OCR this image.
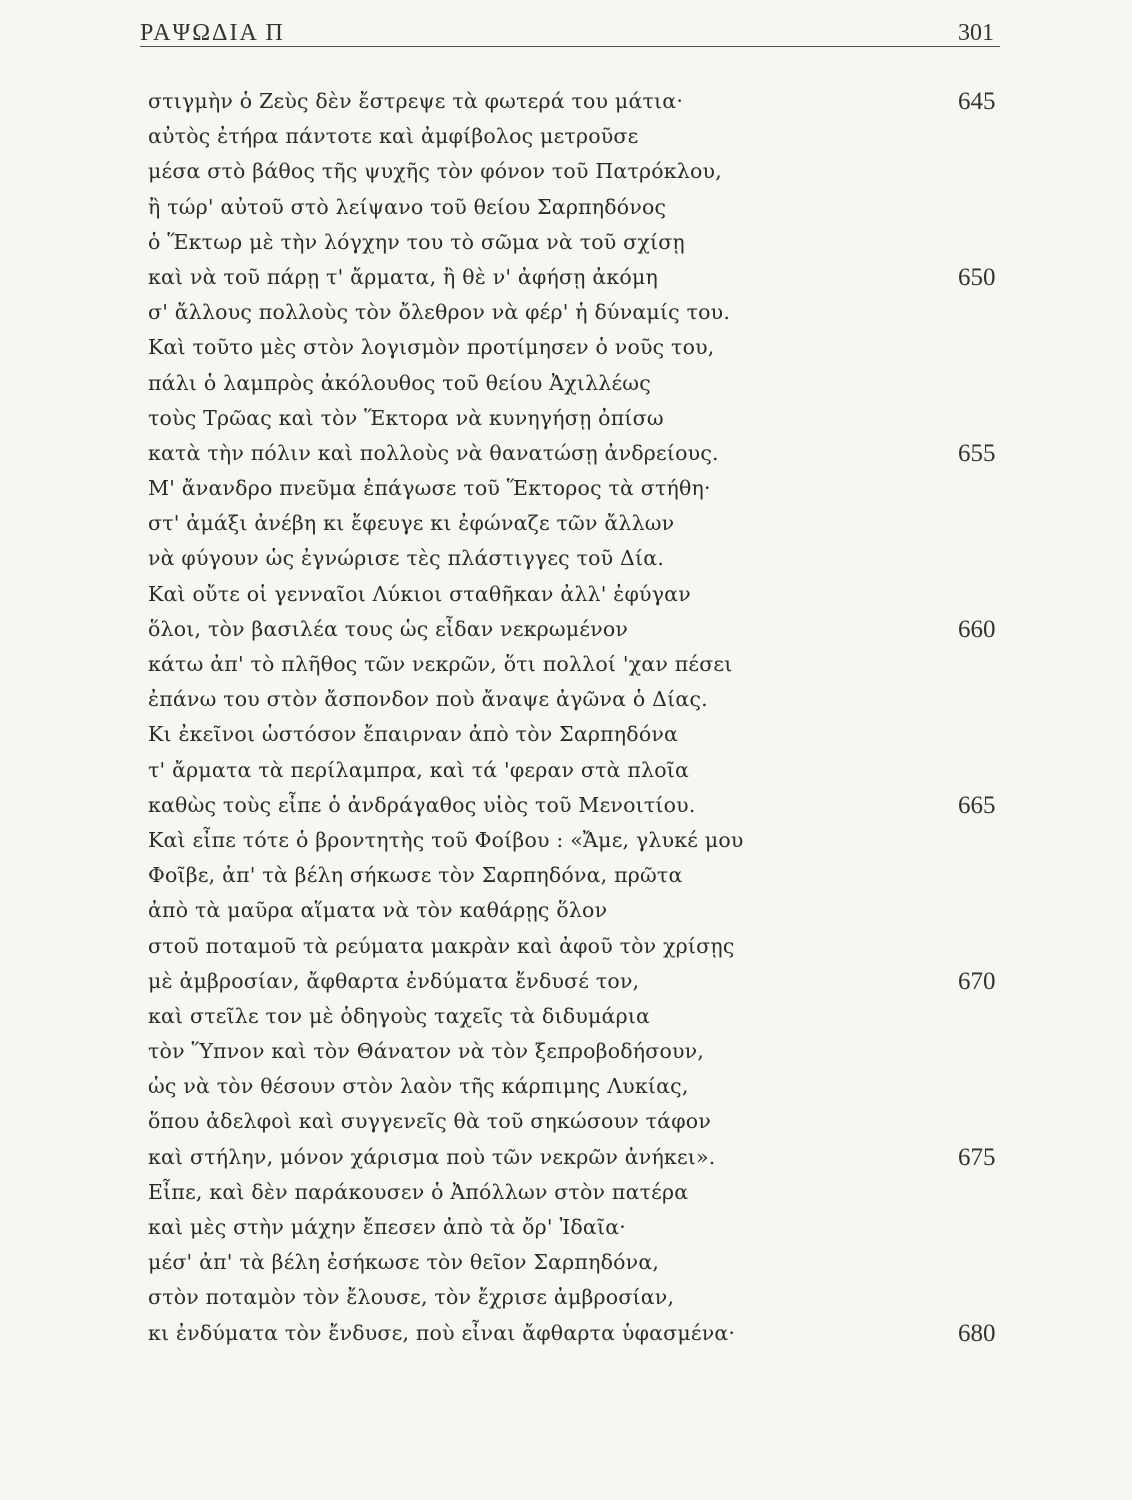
ΡΑΨΩΔΙΑ Π	301
στιγμὴν ὁ Ζεὺς δὲν ἔστρεψε τὰ φωτερά του μάτια·	645
αὐτὸς ἐτήρα πάντοτε καὶ ἀμφίβολος μετροῦσε
μέσα στὸ βάθος τῆς ψυχῆς τὸν φόνον τοῦ Πατρόκλου,
ἢ τώρ' αὐτοῦ στὸ λείψανο τοῦ θείου Σαρπηδόνος
ὁ Ἕκτωρ μὲ τὴν λόγχην του τὸ σῶμα νὰ τοῦ σχίσῃ
καὶ νὰ τοῦ πάρῃ τ' ἄρματα, ἢ θὲ ν' ἀφήσῃ ἀκόμη	650
σ' ἄλλους πολλοὺς τὸν ὄλεθρον νὰ φέρ' ἡ δύναμίς του.
Καὶ τοῦτο μὲς στὸν λογισμὸν προτίμησεν ὁ νοῦς του,
πάλι ὁ λαμπρὸς ἀκόλουθος τοῦ θείου Ἀχιλλέως
τοὺς Τρῶας καὶ τὸν Ἕκτορα νὰ κυνηγήσῃ ὀπίσω
κατὰ τὴν πόλιν καὶ πολλοὺς νὰ θανατώσῃ ἀνδρείους.	655
Μ' ἄνανδρο πνεῦμα ἐπάγωσε τοῦ Ἕκτορος τὰ στήθη·
στ' ἀμάξι ἀνέβη κι ἔφευγε κι ἐφώναζε τῶν ἄλλων
νὰ φύγουν ὡς ἐγνώρισε τὲς πλάστιγγες τοῦ Δία.
Καὶ οὔτε οἱ γενναῖοι Λύκιοι σταθῆκαν ἀλλ' ἐφύγαν
ὅλοι, τὸν βασιλέα τους ὡς εἶδαν νεκρωμένον	660
κάτω ἀπ' τὸ πλῆθος τῶν νεκρῶν, ὅτι πολλοί 'χαν πέσει
ἐπάνω του στὸν ἄσπονδον ποὺ ἄναψε ἀγῶνα ὁ Δίας.
Κι ἐκεῖνοι ὡστόσον ἔπαιρναν ἀπὸ τὸν Σαρπηδόνα
τ' ἄρματα τὰ περίλαμπρα, καὶ τά 'φεραν στὰ πλοῖα
καθὼς τοὺς εἶπε ὁ ἀνδράγαθος υἱὸς τοῦ Μενοιτίου.	665
Καὶ εἶπε τότε ὁ βροντητὴς τοῦ Φοίβου : «Ἄμε, γλυκέ μου
Φοῖβε, ἀπ' τὰ βέλη σήκωσε τὸν Σαρπηδόνα, πρῶτα
ἀπὸ τὰ μαῦρα αἵματα νὰ τὸν καθάρῃς ὅλον
στοῦ ποταμοῦ τὰ ρεύματα μακρὰν καὶ ἀφοῦ τὸν χρίσῃς
μὲ ἀμβροσίαν, ἄφθαρτα ἐνδύματα ἔνδυσέ τον,	670
καὶ στεῖλε τον μὲ ὁδηγοὺς ταχεῖς τὰ διδυμάρια
τὸν Ὕπνον καὶ τὸν Θάνατον νὰ τὸν ξεπροβοδήσουν,
ὡς νὰ τὸν θέσουν στὸν λαὸν τῆς κάρπιμης Λυκίας,
ὅπου ἀδελφοὶ καὶ συγγενεῖς θὰ τοῦ σηκώσουν τάφον
καὶ στήλην, μόνον χάρισμα ποὺ τῶν νεκρῶν ἀνήκει».	675
Εἶπε, καὶ δὲν παράκουσεν ὁ Ἀπόλλων στὸν πατέρα
καὶ μὲς στὴν μάχην ἔπεσεν ἀπὸ τὰ ὄρ' Ἰδαῖα·
μέσ' ἀπ' τὰ βέλη ἐσήκωσε τὸν θεῖον Σαρπηδόνα,
στὸν ποταμὸν τὸν ἔλουσε, τὸν ἔχρισε ἀμβροσίαν,
κι ἐνδύματα τὸν ἔνδυσε, ποὺ εἶναι ἄφθαρτα ὑφασμένα·	680
